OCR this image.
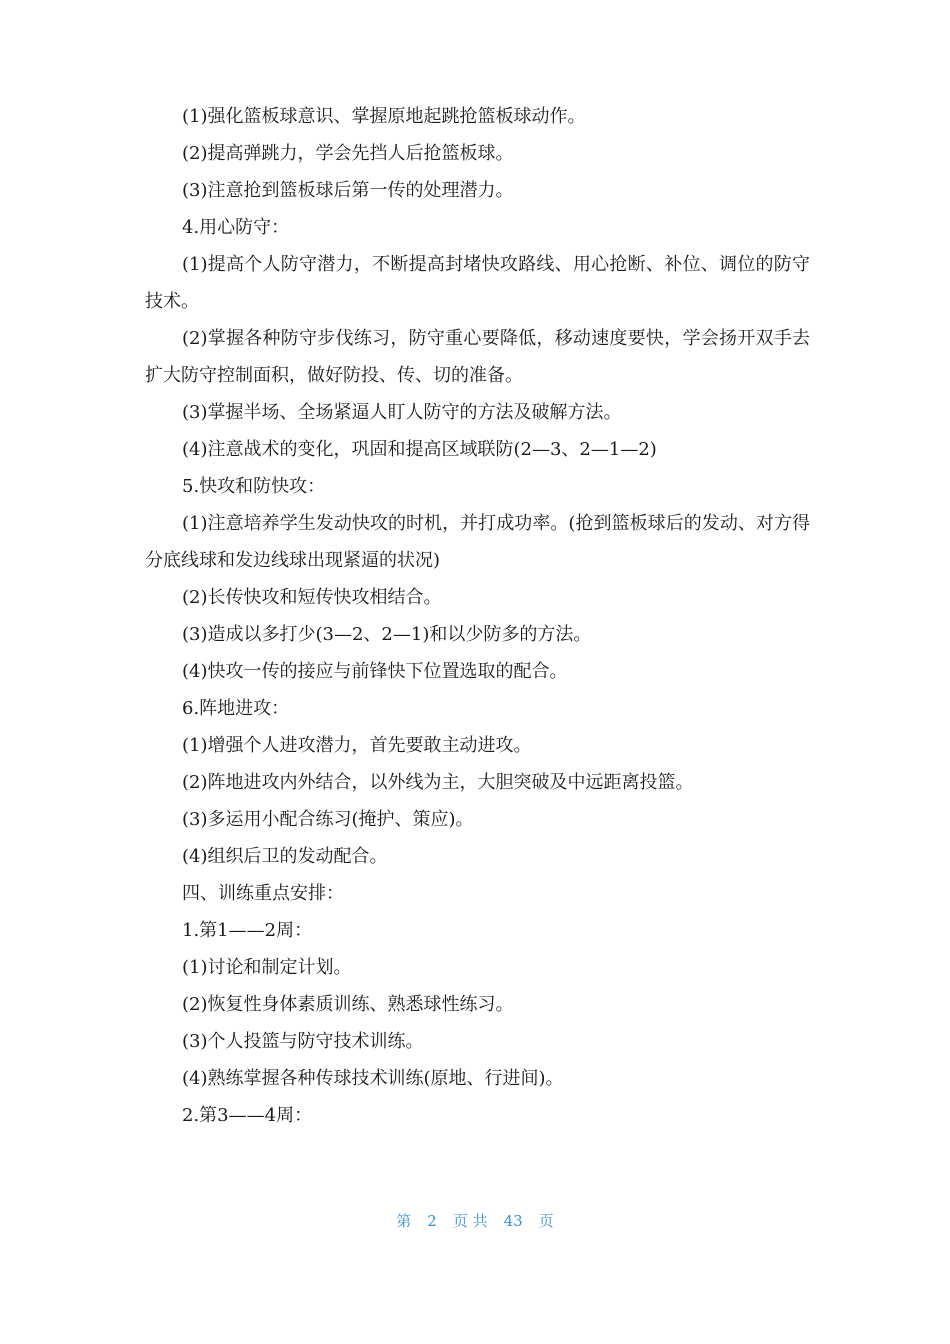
(1)强化篮板球意识、掌握原地起跳抢篮板球动作。

(2)提高弹跳力，学会先挡人后抢篮板球。

(3)注意抢到篮板球后第一传的处理潜力。

4.用心防守：

(1)提高个人防守潜力，不断提高封堵快攻路线、用心抢断、补位、调位的防守技术。

(2)掌握各种防守步伐练习，防守重心要降低，移动速度要快，学会扬开双手去扩大防守控制面积，做好防投、传、切的准备。

(3)掌握半场、全场紧逼人盯人防守的方法及破解方法。

(4)注意战术的变化，巩固和提高区域联防(2—3、2—1—2)

5.快攻和防快攻：

(1)注意培养学生发动快攻的时机，并打成功率。(抢到篮板球后的发动、对方得分底线球和发边线球出现紧逼的状况)

(2)长传快攻和短传快攻相结合。

(3)造成以多打少(3—2、2—1)和以少防多的方法。

(4)快攻一传的接应与前锋快下位置选取的配合。

6.阵地进攻：

(1)增强个人进攻潜力，首先要敢主动进攻。

(2)阵地进攻内外结合，以外线为主，大胆突破及中远距离投篮。

(3)多运用小配合练习(掩护、策应)。

(4)组织后卫的发动配合。

四、训练重点安排：

1.第1——2周：

(1)讨论和制定计划。

(2)恢复性身体素质训练、熟悉球性练习。

(3)个人投篮与防守技术训练。

(4)熟练掌握各种传球技术训练(原地、行进间)。

2.第3——4周：

第 2 页 共 43 页
